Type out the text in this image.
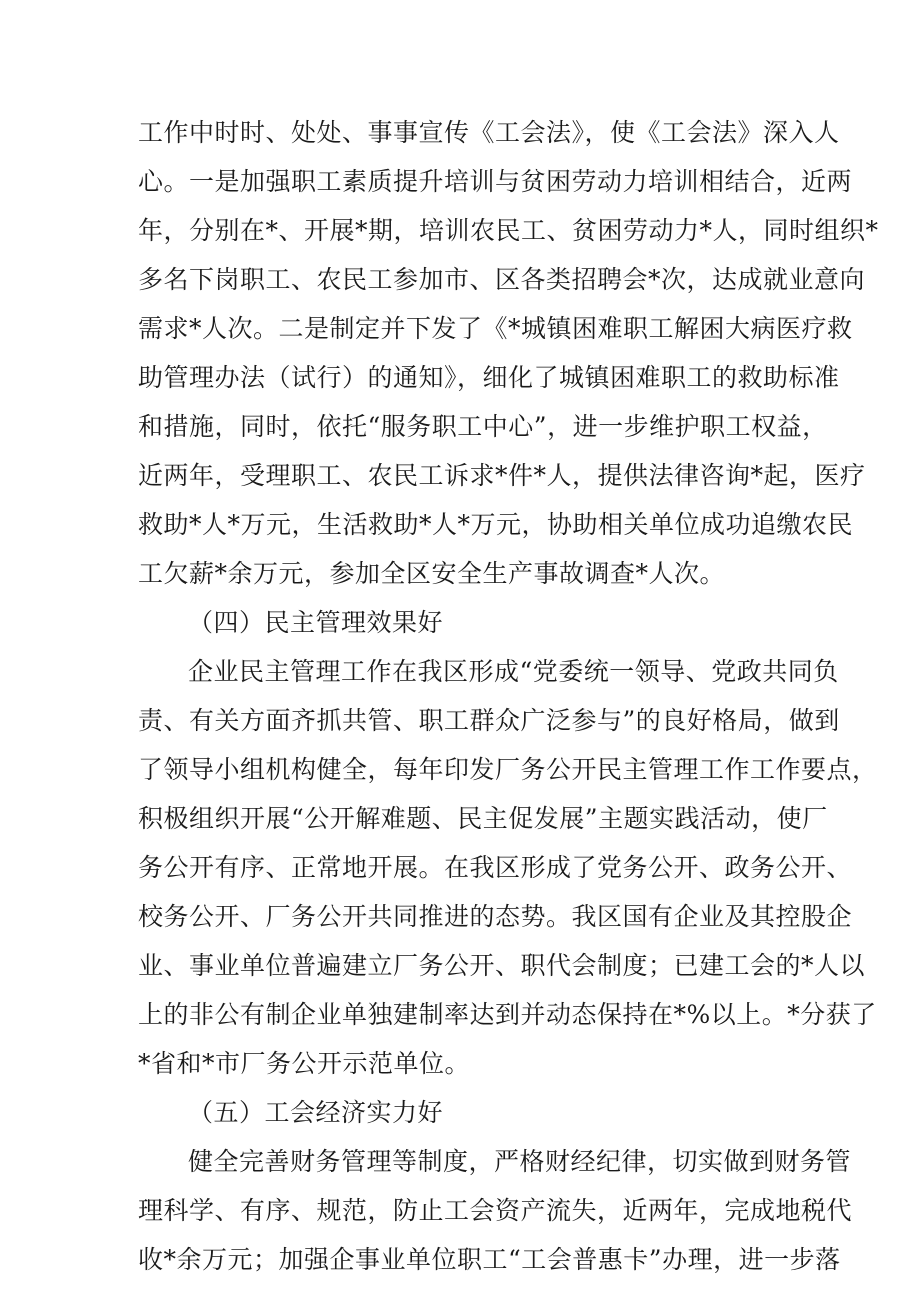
工作中时时、处处、事事宣传《工会法》，使《工会法》深入人
心。一是加强职工素质提升培训与贫困劳动力培训相结合，近两
年，分别在*、开展*期，培训农民工、贫困劳动力*人，同时组织*
多名下岗职工、农民工参加市、区各类招聘会*次，达成就业意向
需求*人次。二是制定并下发了《*城镇困难职工解困大病医疗救
助管理办法（试行）的通知》，细化了城镇困难职工的救助标准
和措施，同时，依托“服务职工中心”，进一步维护职工权益，
近两年，受理职工、农民工诉求*件*人，提供法律咨询*起，医疗
救助*人*万元，生活救助*人*万元，协助相关单位成功追缴农民
工欠薪*余万元，参加全区安全生产事故调查*人次。
（四）民主管理效果好
企业民主管理工作在我区形成“党委统一领导、党政共同负
责、有关方面齐抓共管、职工群众广泛参与”的良好格局，做到
了领导小组机构健全，每年印发厂务公开民主管理工作工作要点，
积极组织开展“公开解难题、民主促发展”主题实践活动，使厂
务公开有序、正常地开展。在我区形成了党务公开、政务公开、
校务公开、厂务公开共同推进的态势。我区国有企业及其控股企
业、事业单位普遍建立厂务公开、职代会制度；已建工会的*人以
上的非公有制企业单独建制率达到并动态保持在*%以上。*分获了
*省和*市厂务公开示范单位。
（五）工会经济实力好
健全完善财务管理等制度，严格财经纪律，切实做到财务管
理科学、有序、规范，防止工会资产流失，近两年，完成地税代
收*余万元；加强企事业单位职工“工会普惠卡”办理，进一步落
